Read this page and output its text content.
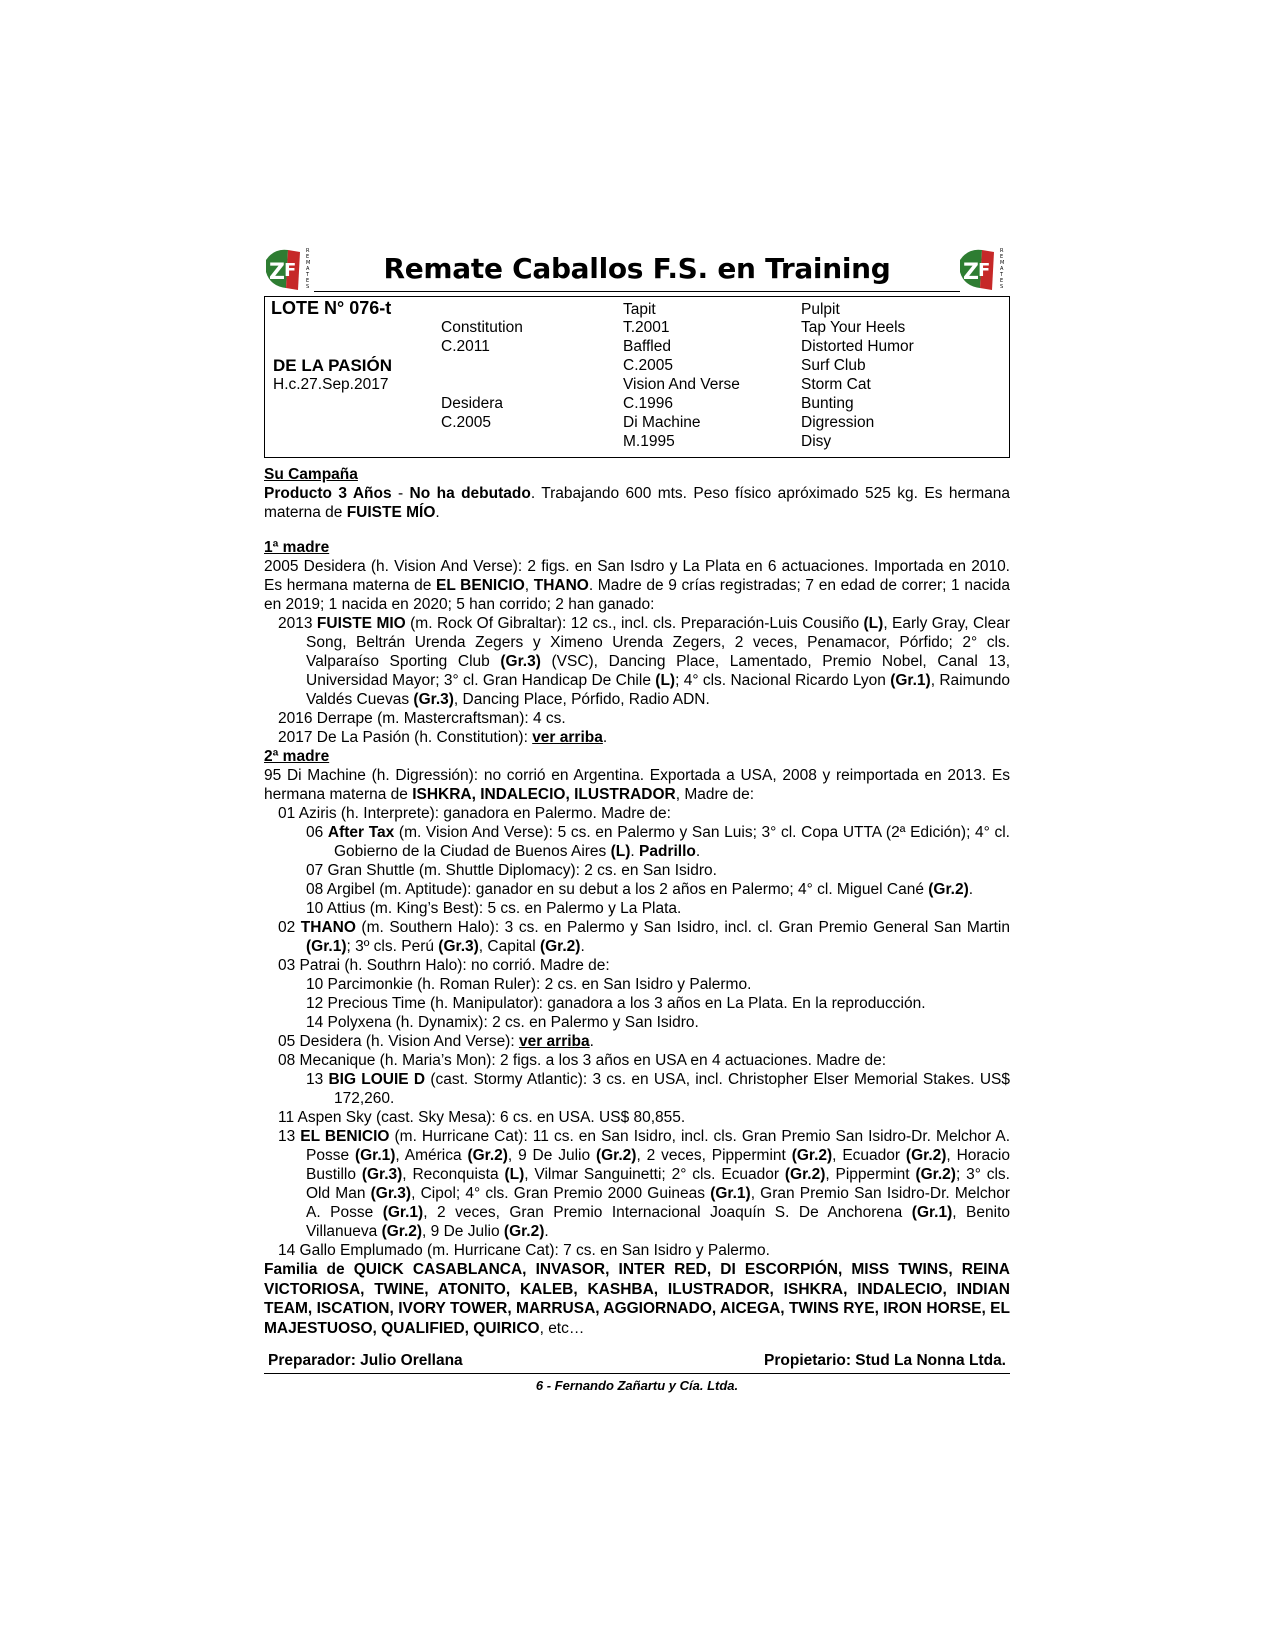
Z F
R
E
M
A
T
E
S
Remate Caballos F.S. en Training	Z F
R
E
M
A
T
E
S
LOTE N° 076-t
DE LA PASIÓN
H.c.27.Sep.2017
Constitution
C.2011
Desidera
C.2005
Tapit
T.2001
Baffled
C.2005
Vision And Verse
C.1996
Di Machine
M.1995
Pulpit
Tap Your Heels
Distorted Humor
Surf Club
Storm Cat
Bunting
Digression
Disy

Su Campaña

Producto 3 Años - No ha debutado. Trabajando 600 mts. Peso físico apróximado 525 kg. Es hermana materna de FUISTE MÍO.

1ª madre

2005 Desidera (h. Vision And Verse): 2 figs. en San Isdro y La Plata en 6 actuaciones. Importada en 2010. Es hermana materna de EL BENICIO, THANO. Madre de 9 crías registradas; 7 en edad de correr; 1 nacida en 2019; 1 nacida en 2020; 5 han corrido; 2 han ganado:

2013 FUISTE MIO (m. Rock Of Gibraltar): 12 cs., incl. cls. Preparación-Luis Cousiño (L), Early Gray, Clear Song, Beltrán Urenda Zegers y Ximeno Urenda Zegers, 2 veces, Penamacor, Pórfido; 2° cls. Valparaíso Sporting Club (Gr.3) (VSC), Dancing Place, Lamentado, Premio Nobel, Canal 13, Universidad Mayor; 3° cl. Gran Handicap De Chile (L); 4° cls. Nacional Ricardo Lyon (Gr.1), Raimundo Valdés Cuevas (Gr.3), Dancing Place, Pórfido, Radio ADN.

2016 Derrape (m. Mastercraftsman): 4 cs.

2017 De La Pasión (h. Constitution): ver arriba.

2ª madre

95 Di Machine (h. Digressión): no corrió en Argentina. Exportada a USA, 2008 y reimportada en 2013. Es hermana materna de ISHKRA, INDALECIO, ILUSTRADOR, Madre de:

01 Aziris (h. Interprete): ganadora en Palermo. Madre de:

06 After Tax (m. Vision And Verse): 5 cs. en Palermo y San Luis; 3° cl. Copa UTTA (2ª Edición); 4° cl. Gobierno de la Ciudad de Buenos Aires (L). Padrillo.

07 Gran Shuttle (m. Shuttle Diplomacy): 2 cs. en San Isidro.

08 Argibel (m. Aptitude): ganador en su debut a los 2 años en Palermo; 4° cl. Miguel Cané (Gr.2).

10 Attius (m. King’s Best): 5 cs. en Palermo y La Plata.

02 THANO (m. Southern Halo): 3 cs. en Palermo y San Isidro, incl. cl. Gran Premio General San Martin (Gr.1); 3º cls. Perú (Gr.3), Capital (Gr.2).

03 Patrai (h. Southrn Halo): no corrió. Madre de:

10 Parcimonkie (h. Roman Ruler): 2 cs. en San Isidro y Palermo.

12 Precious Time (h. Manipulator): ganadora a los 3 años en La Plata. En la reproducción.

14 Polyxena (h. Dynamix): 2 cs. en Palermo y San Isidro.

05 Desidera (h. Vision And Verse): ver arriba.

08 Mecanique (h. Maria’s Mon): 2 figs. a los 3 años en USA en 4 actuaciones. Madre de:

13 BIG LOUIE D (cast. Stormy Atlantic): 3 cs. en USA, incl. Christopher Elser Memorial Stakes. US$ 172,260.

11 Aspen Sky (cast. Sky Mesa): 6 cs. en USA. US$ 80,855.

13 EL BENICIO (m. Hurricane Cat): 11 cs. en San Isidro, incl. cls. Gran Premio San Isidro-Dr. Melchor A. Posse (Gr.1), América (Gr.2), 9 De Julio (Gr.2), 2 veces, Pippermint (Gr.2), Ecuador (Gr.2), Horacio Bustillo (Gr.3), Reconquista (L), Vilmar Sanguinetti; 2° cls. Ecuador (Gr.2), Pippermint (Gr.2); 3° cls. Old Man (Gr.3), Cipol; 4° cls. Gran Premio 2000 Guineas (Gr.1), Gran Premio San Isidro-Dr. Melchor A. Posse (Gr.1), 2 veces, Gran Premio Internacional Joaquín S. De Anchorena (Gr.1), Benito Villanueva (Gr.2), 9 De Julio (Gr.2).

14 Gallo Emplumado (m. Hurricane Cat): 7 cs. en San Isidro y Palermo.

Familia de QUICK CASABLANCA, INVASOR, INTER RED, DI ESCORPIÓN, MISS TWINS, REINA VICTORIOSA, TWINE, ATONITO, KALEB, KASHBA, ILUSTRADOR, ISHKRA, INDALECIO, INDIAN TEAM, ISCATION, IVORY TOWER, MARRUSA, AGGIORNADO, AICEGA, TWINS RYE, IRON HORSE, EL MAJESTUOSO, QUALIFIED, QUIRICO, etc…

Preparador: Julio Orellana	Propietario: Stud La Nonna Ltda.
6 - Fernando Zañartu y Cía. Ltda.
